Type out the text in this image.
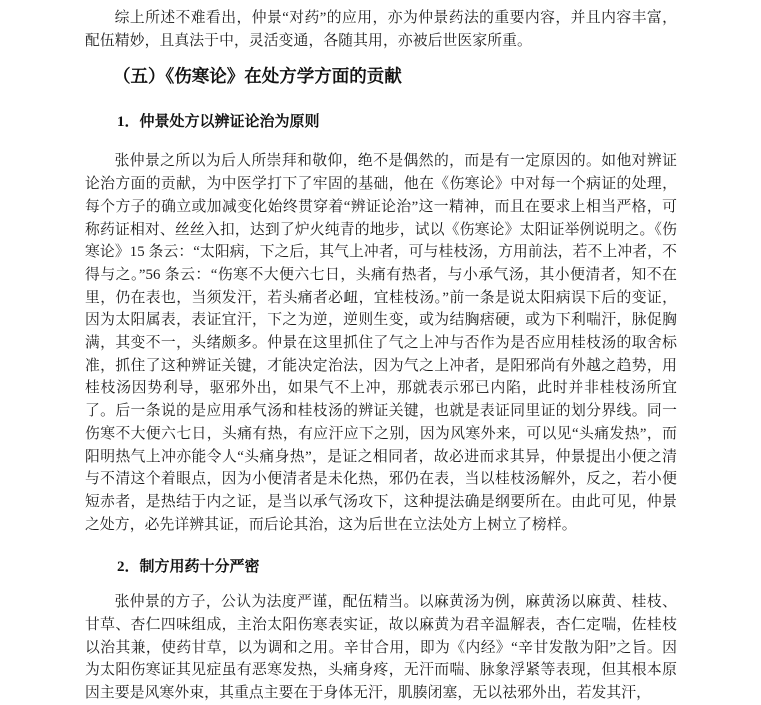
综上所述不难看出，仲景“对药”的应用，亦为仲景药法的重要内容，并且内容丰富，配伍精妙，且真法于中，灵活变通，各随其用，亦被后世医家所重。

（五）《伤寒论》在处方学方面的贡献
1．仲景处方以辨证论治为原则

张仲景之所以为后人所崇拜和敬仰，绝不是偶然的，而是有一定原因的。如他对辨证论治方面的贡献，为中医学打下了牢固的基础，他在《伤寒论》中对每一个病证的处理，每个方子的确立或加减变化始终贯穿着“辨证论治”这一精神，而且在要求上相当严格，可称药证相对、丝丝入扣，达到了炉火纯青的地步，试以《伤寒论》太阳证举例说明之。《伤寒论》15 条云：“太阳病，下之后，其气上冲者，可与桂枝汤，方用前法，若不上冲者，不得与之。”56 条云：“伤寒不大便六七日，头痛有热者，与小承气汤，其小便清者，知不在里，仍在表也，当须发汗，若头痛者必衄，宜桂枝汤。”前一条是说太阳病误下后的变证，因为太阳属表，表证宜汗，下之为逆，逆则生变，或为结胸痞硬，或为下利喘汗，脉促胸满，其变不一，头绪颇多。仲景在这里抓住了气之上冲与否作为是否应用桂枝汤的取舍标准，抓住了这种辨证关键，才能决定治法，因为气之上冲者，是阳邪尚有外越之趋势，用桂枝汤因势利导，驱邪外出，如果气不上冲，那就表示邪已内陷，此时并非桂枝汤所宜了。后一条说的是应用承气汤和桂枝汤的辨证关键，也就是表证同里证的划分界线。同一伤寒不大便六七日，头痛有热，有应汗应下之别，因为风寒外来，可以见“头痛发热”，而阳明热气上冲亦能令人“头痛身热”，是证之相同者，故必进而求其异，仲景提出小便之清与不清这个着眼点，因为小便清者是未化热，邪仍在表，当以桂枝汤解外，反之，若小便短赤者，是热结于内之证，是当以承气汤攻下，这种提法确是纲要所在。由此可见，仲景之处方，必先详辨其证，而后论其治，这为后世在立法处方上树立了榜样。

2．制方用药十分严密

张仲景的方子，公认为法度严谨，配伍精当。以麻黄汤为例，麻黄汤以麻黄、桂枝、甘草、杏仁四味组成，主治太阳伤寒表实证，故以麻黄为君辛温解表，杏仁定喘，佐桂枝以治其兼，使药甘草，以为调和之用。辛甘合用，即为《内经》“辛甘发散为阳”之旨。因为太阳伤寒证其见症虽有恶寒发热，头痛身疼，无汗而喘、脉象浮紧等表现，但其根本原因主要是风寒外束，其重点主要在于身体无汗，肌腠闭塞，无以祛邪外出，若发其汗，
